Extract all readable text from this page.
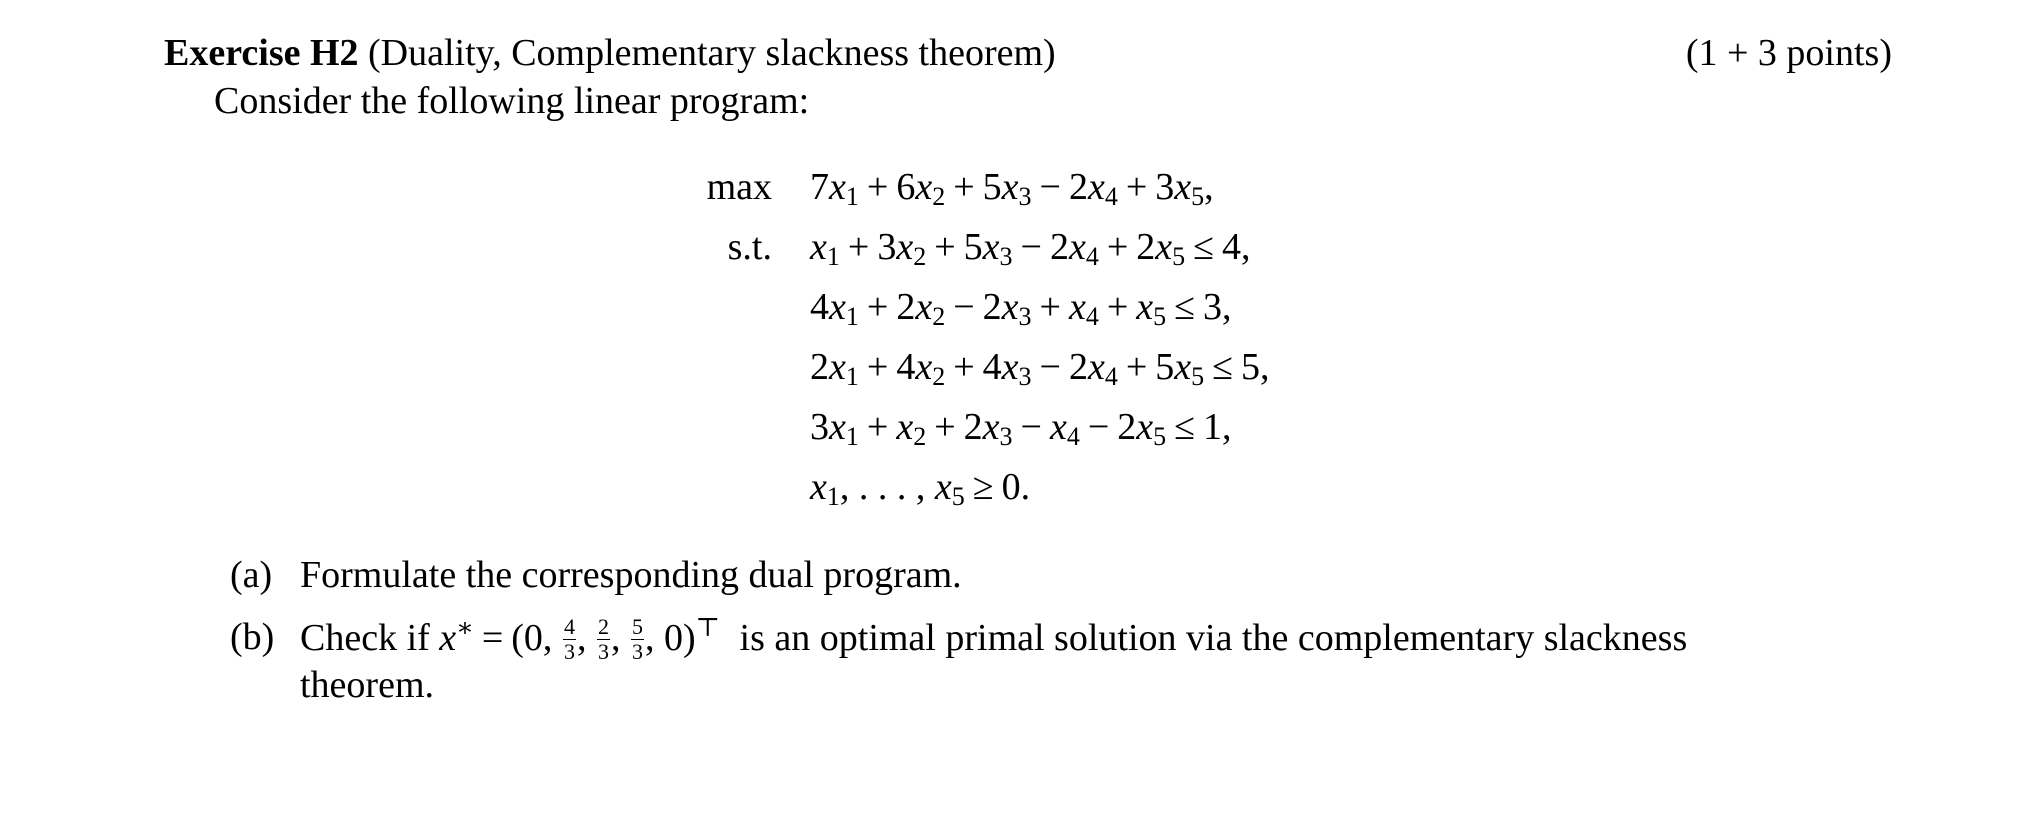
Exercise H2 (Duality, Complementary slackness theorem)	(1 + 3 points)
Consider the following linear program:
max
s.t.
$7x_1 + 6x_2 + 5x_3 - 2x_4 + 3x_5$,
$x_1 + 3x_2 + 5x_3 - 2x_4 + 2x_5 \le 4$,
$4x_1 + 2x_2 - 2x_3 + x_4 + x_5 \le 3$,
$2x_1 + 4x_2 + 4x_3 - 2x_4 + 5x_5 \le 5$,
$3x_1 + x_2 + 2x_3 - x_4 - 2x_5 \le 1$,
$x_1$, . . . , $x_5 \ge 0$.
(a) Formulate the corresponding dual program.
(b) Check if x∗ = (0, $\frac{4}{3}$ , $\frac{2}{3}$ , $\frac{5}{3}$ , 0)⊤ is an optimal primal solution via the complementary slackness
theorem.
